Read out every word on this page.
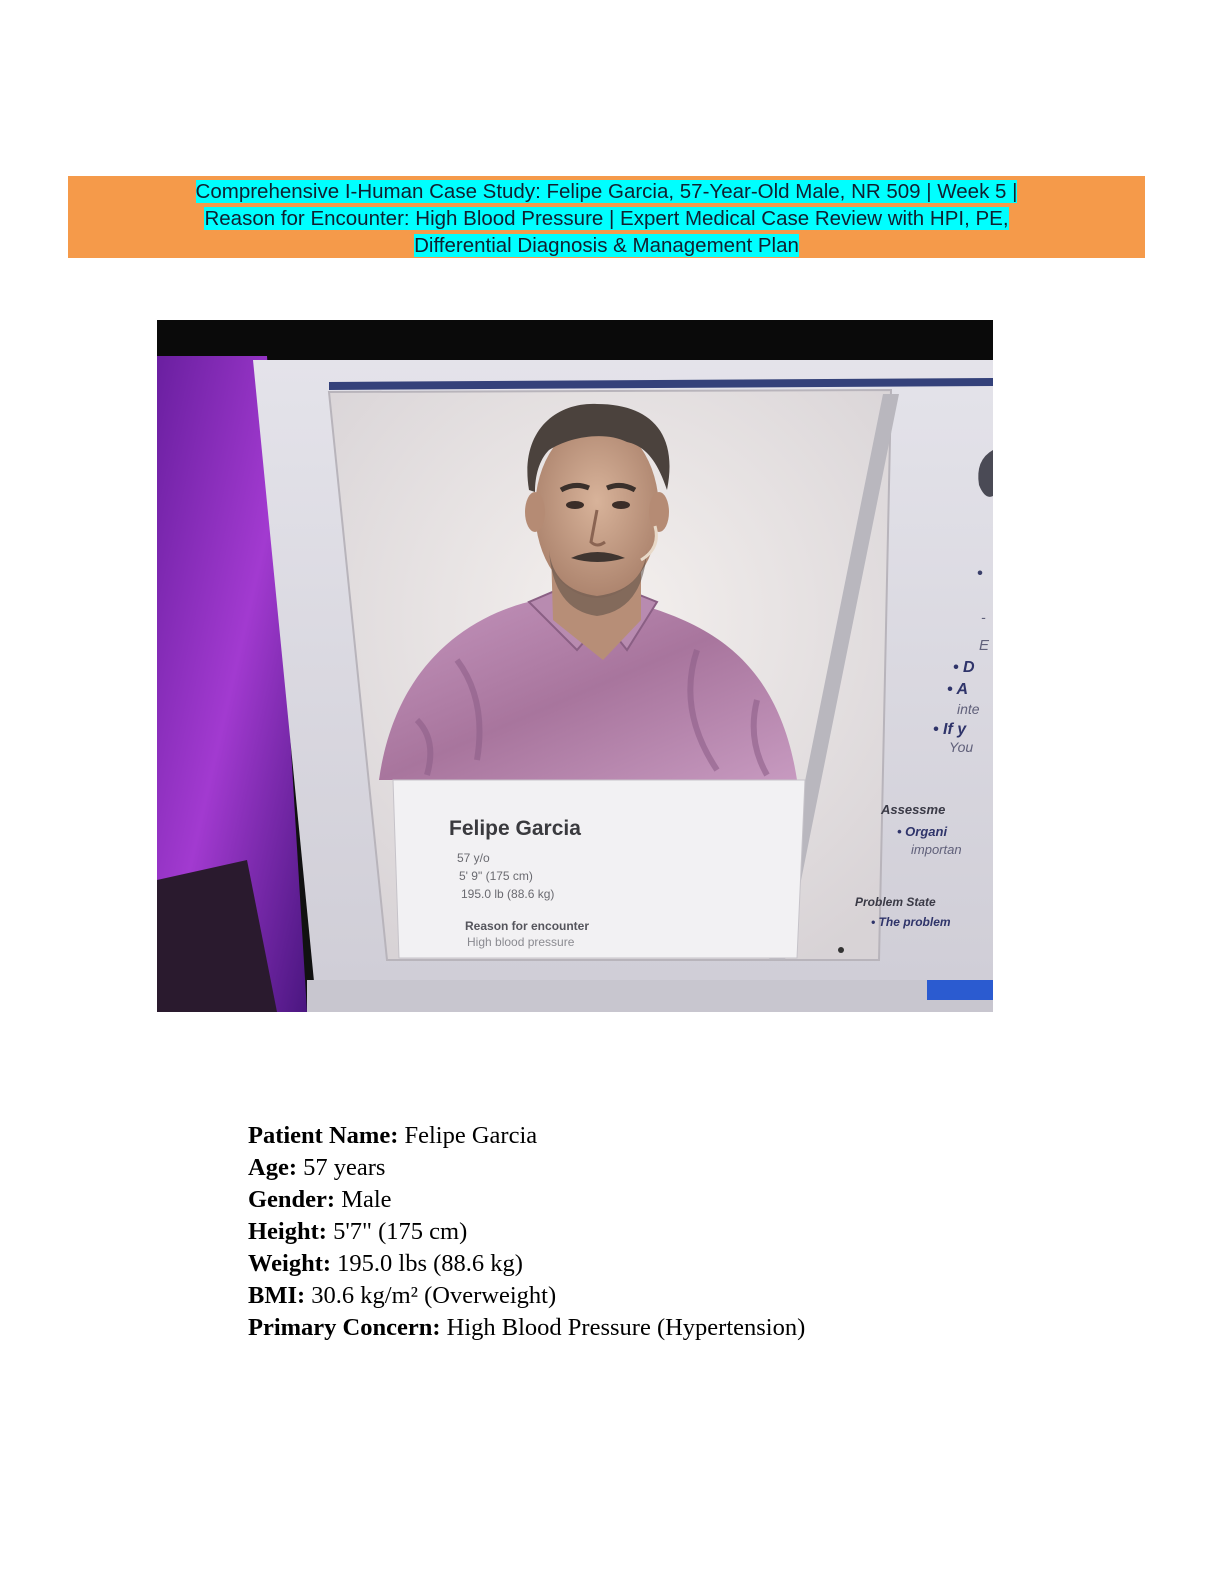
Comprehensive I-Human Case Study: Felipe Garcia, 57-Year-Old Male, NR 509 | Week 5 |
Reason for Encounter: High Blood Pressure | Expert Medical Case Review with HPI, PE,
Differential Diagnosis & Management Plan
Felipe Garcia
57 y/o
5' 9" (175 cm)
195.0 lb (88.6 kg)
Reason for encounter
High blood pressure
•
-
E
• D
• A
inte
• If y
You
Assessme
• Organi
importan
Problem State
• The problem
Patient Name: Felipe Garcia
Age: 57 years
Gender: Male
Height: 5'7" (175 cm)
Weight: 195.0 lbs (88.6 kg)
BMI: 30.6 kg/m² (Overweight)
Primary Concern: High Blood Pressure (Hypertension)
